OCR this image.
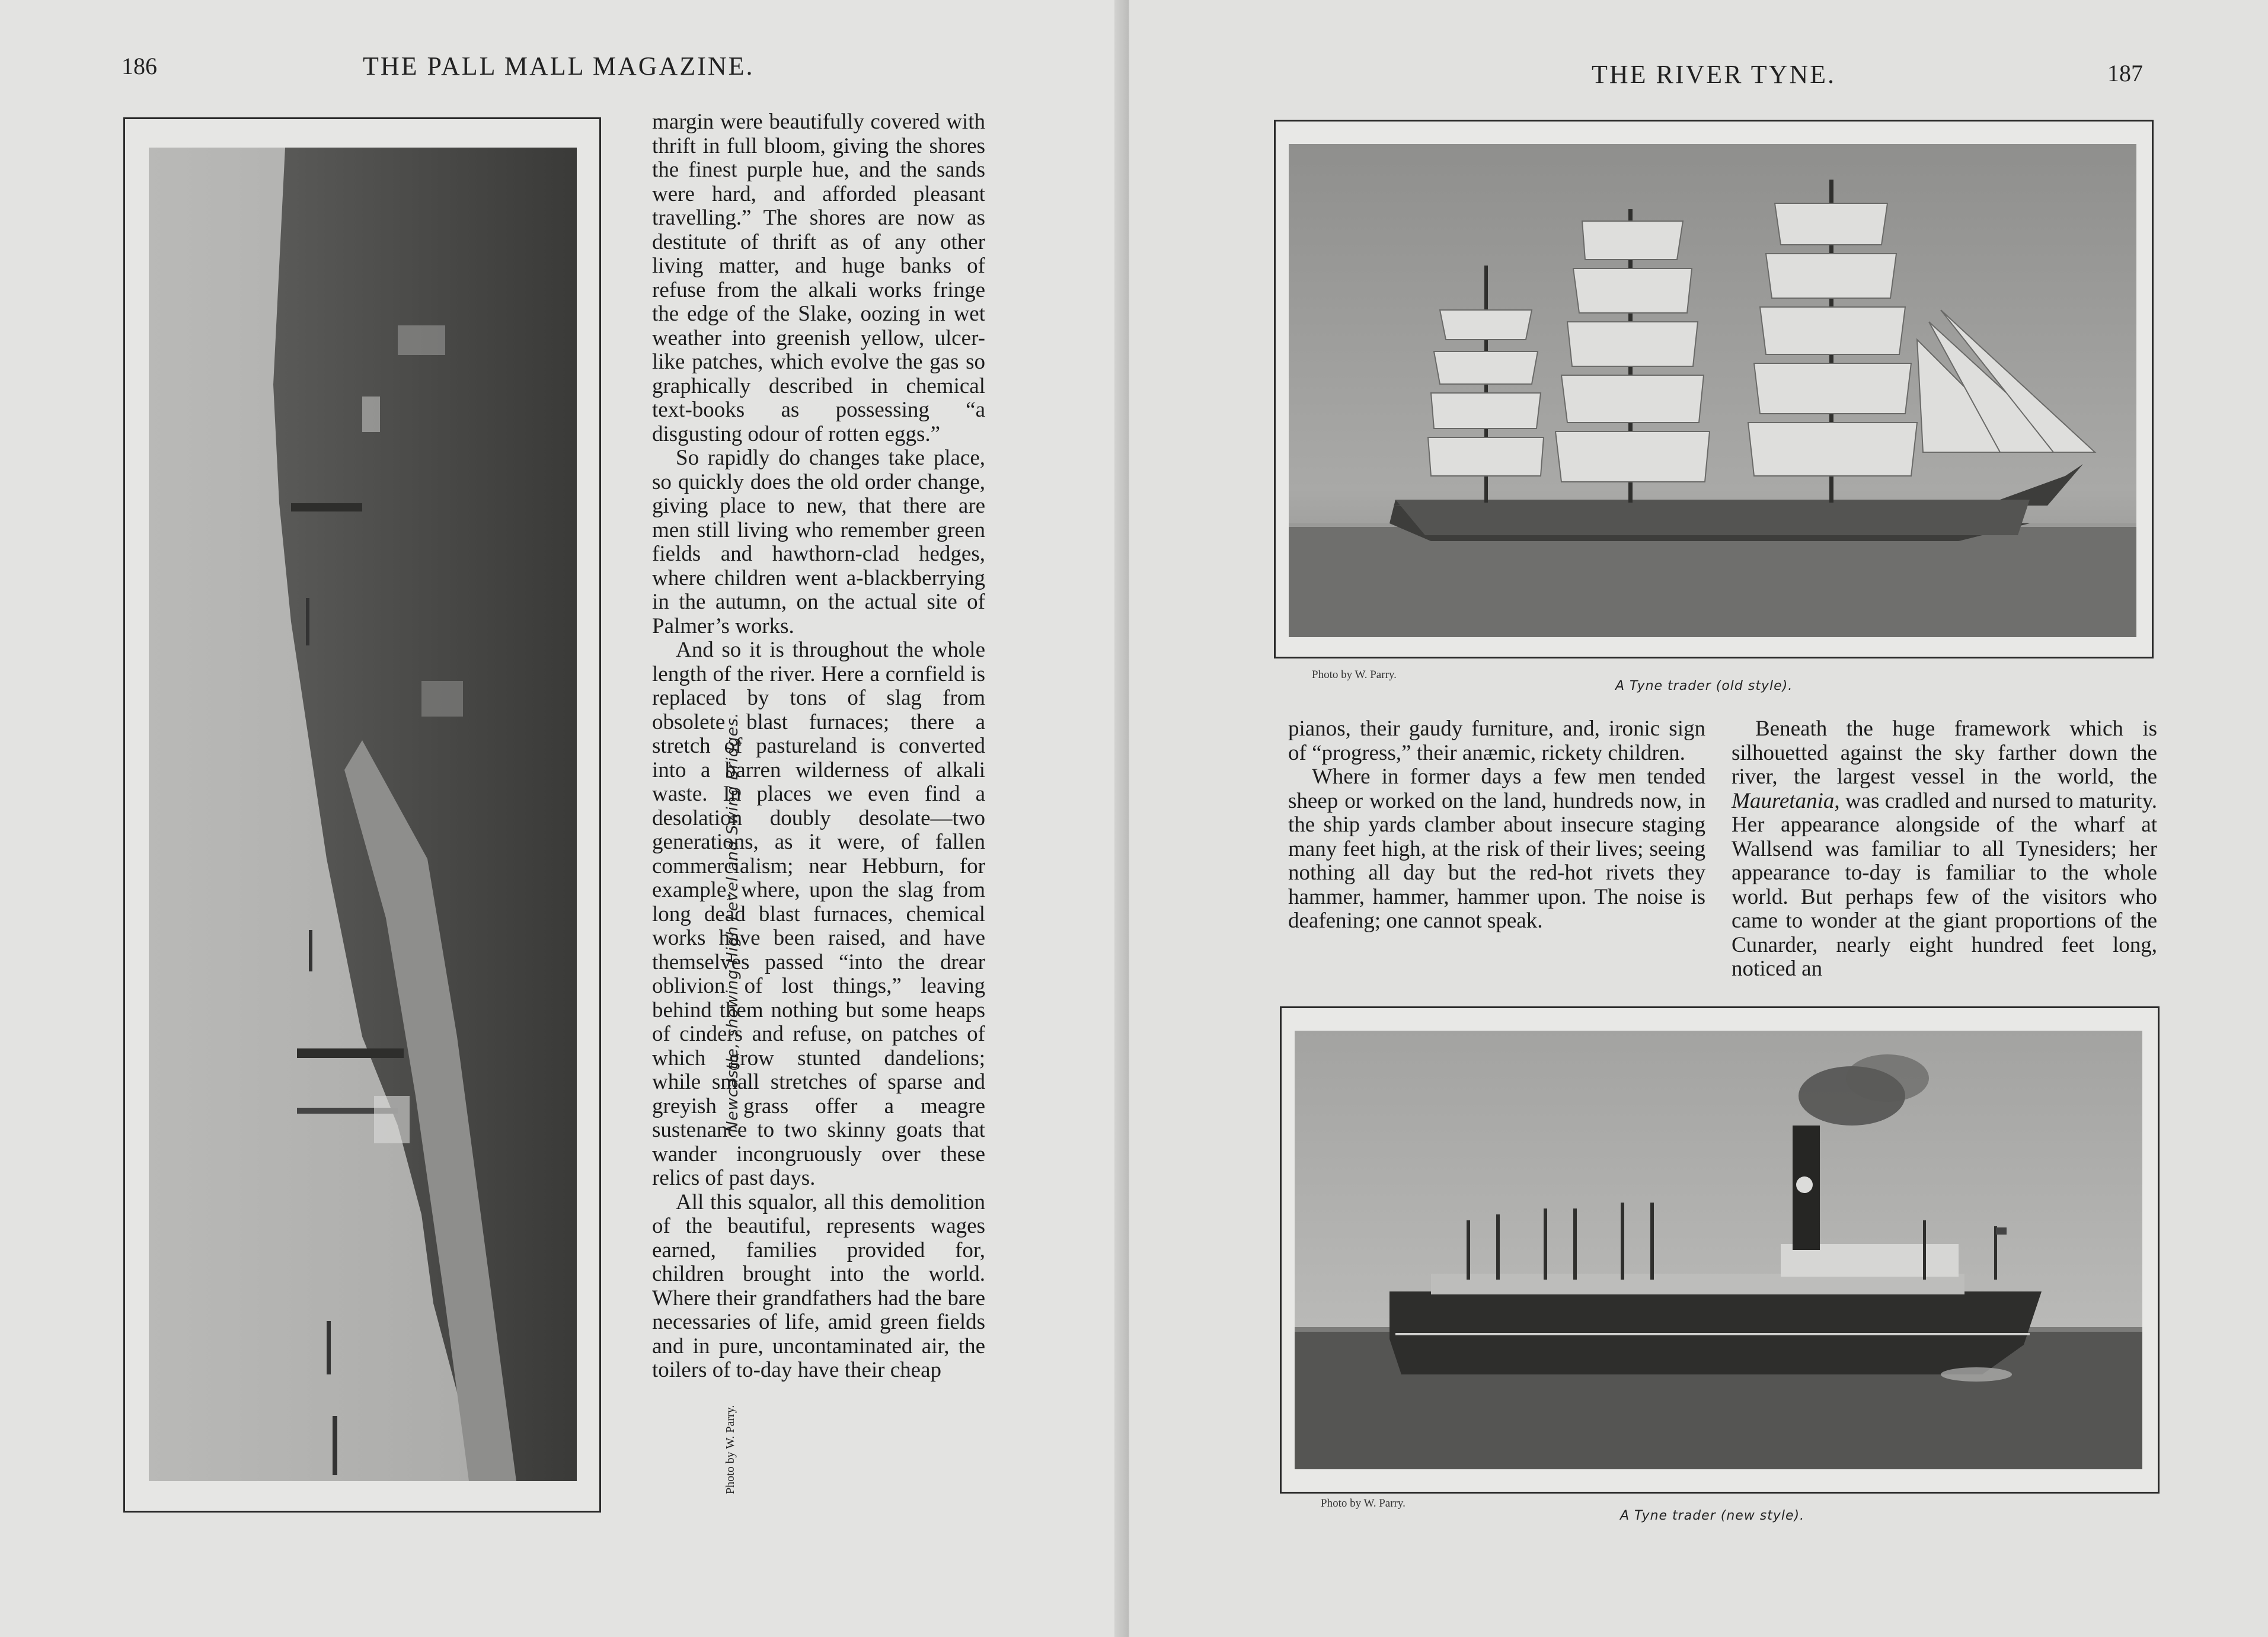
186	THE PALL MALL MAGAZINE.
Newcastle, showing High Level and Swing Bridges.
Photo by W. Parry.

margin were beautifully covered with thrift in full bloom, giving the shores the finest purple hue, and the sands were hard, and afforded pleasant travelling.” The shores are now as destitute of thrift as of any other living matter, and huge banks of refuse from the alkali works fringe the edge of the Slake, oozing in wet weather into greenish yellow, ulcer-like patches, which evolve the gas so graphically described in chemical text-books as possessing “a disgusting odour of rotten eggs.”

So rapidly do changes take place, so quickly does the old order change, giving place to new, that there are men still living who remember green fields and hawthorn-clad hedges, where children went a-blackberrying in the autumn, on the actual site of Palmer’s works.

And so it is throughout the whole length of the river. Here a cornfield is replaced by tons of slag from obsolete blast furnaces; there a stretch of pastureland is converted into a barren wilderness of alkali waste. In places we even find a desolation doubly desolate—two generations, as it were, of fallen commercialism; near Hebburn, for example, where, upon the slag from long dead blast furnaces, chemical works have been raised, and have themselves passed “into the drear oblivion of lost things,” leaving behind them nothing but some heaps of cinders and refuse, on patches of which grow stunted dandelions; while small stretches of sparse and greyish grass offer a meagre sustenance to two skinny goats that wander incongruously over these relics of past days.

All this squalor, all this demolition of the beautiful, represents wages earned, families provided for, children brought into the world. Where their grandfathers had the bare necessaries of life, amid green fields and in pure, uncontaminated air, the toilers of to-day have their cheap

THE RIVER TYNE.	187
Photo by W. Parry.
A Tyne trader (old style).

pianos, their gaudy furniture, and, ironic sign of “progress,” their anæmic, rickety children.

Where in former days a few men tended sheep or worked on the land, hundreds now, in the ship yards clamber about insecure staging many feet high, at the risk of their lives; seeing nothing all day but the red-hot rivets they hammer, hammer, hammer upon. The noise is deafening; one cannot speak.

Beneath the huge framework which is silhouetted against the sky farther down the river, the largest vessel in the world, the Mauretania, was cradled and nursed to maturity. Her appearance alongside of the wharf at Wallsend was familiar to all Tynesiders; her appearance to-day is familiar to the whole world. But perhaps few of the visitors who came to wonder at the giant proportions of the Cunarder, nearly eight hundred feet long, noticed an

Photo by W. Parry.
A Tyne trader (new style).
